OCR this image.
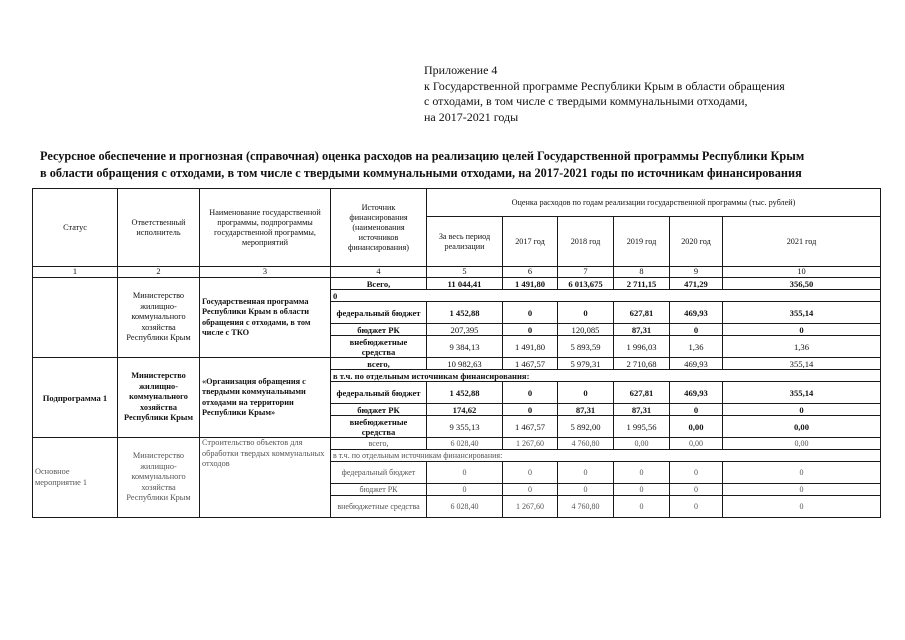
Приложение 4
к Государственной программе Республики Крым в области обращения
с отходами, в том числе с твердыми коммунальными отходами,
на 2017-2021 годы
Ресурсное обеспечение и прогнозная (справочная) оценка расходов на реализацию целей Государственной программы Республики Крым
в области обращения с отходами, в том числе с твердыми коммунальными отходами, на 2017-2021 годы по источникам финансирования
Статус	Ответственный исполнитель	Наименование государственной программы, подпрограммы государственной программы, мероприятий	Источник финансирования (наименования источников финансирования)	Оценка расходов по годам реализации государственной программы (тыс. рублей)					
				За весь период реализации	2017 год	2018 год	2019 год	2020 год	2021 год
1	2	3	4	5	6	7	8	9	10
	Министерство жилищно-коммунального хозяйства Республики Крым	Государственная программа Республики Крым в области обращения с отходами, в том числе с ТКО	Всего,	11 044,41	1 491,80	6 013,675	2 711,15	471,29	356,50
			0						
			федеральный бюджет	1 452,88	0	0	627,81	469,93	355,14
			бюджет РК	207,395	0	120,085	87,31	0	0
			внебюджетные средства	9 384,13	1 491,80	5 893,59	1 996,03	1,36	1,36
Подпрограмма 1	Министерство жилищно-коммунального хозяйства Республики Крым	«Организация обращения с твердыми коммунальными отходами на территории Республики Крым»	всего,	10 982,63	1 467,57	5 979,31	2 710,68	469,93	355,14
			в т.ч. по отдельным источникам финансирования:						
			федеральный бюджет	1 452,88	0	0	627,81	469,93	355,14
			бюджет РК	174,62	0	87,31	87,31	0	0
			внебюджетные средства	9 355,13	1 467,57	5 892,00	1 995,56	0,00	0,00
Основное мероприятие 1	Министерство жилищно-коммунального хозяйства Республики Крым	Строительство объектов для обработки твердых коммунальных отходов	всего,	6 028,40	1 267,60	4 760,80	0,00	0,00	0,00
			в т.ч. по отдельным источникам финансирования:						
			федеральный бюджет	0	0	0	0	0	0
			бюджет РК	0	0	0	0	0	0
			внебюджетные средства	6 028,40	1 267,60	4 760,80	0	0	0
